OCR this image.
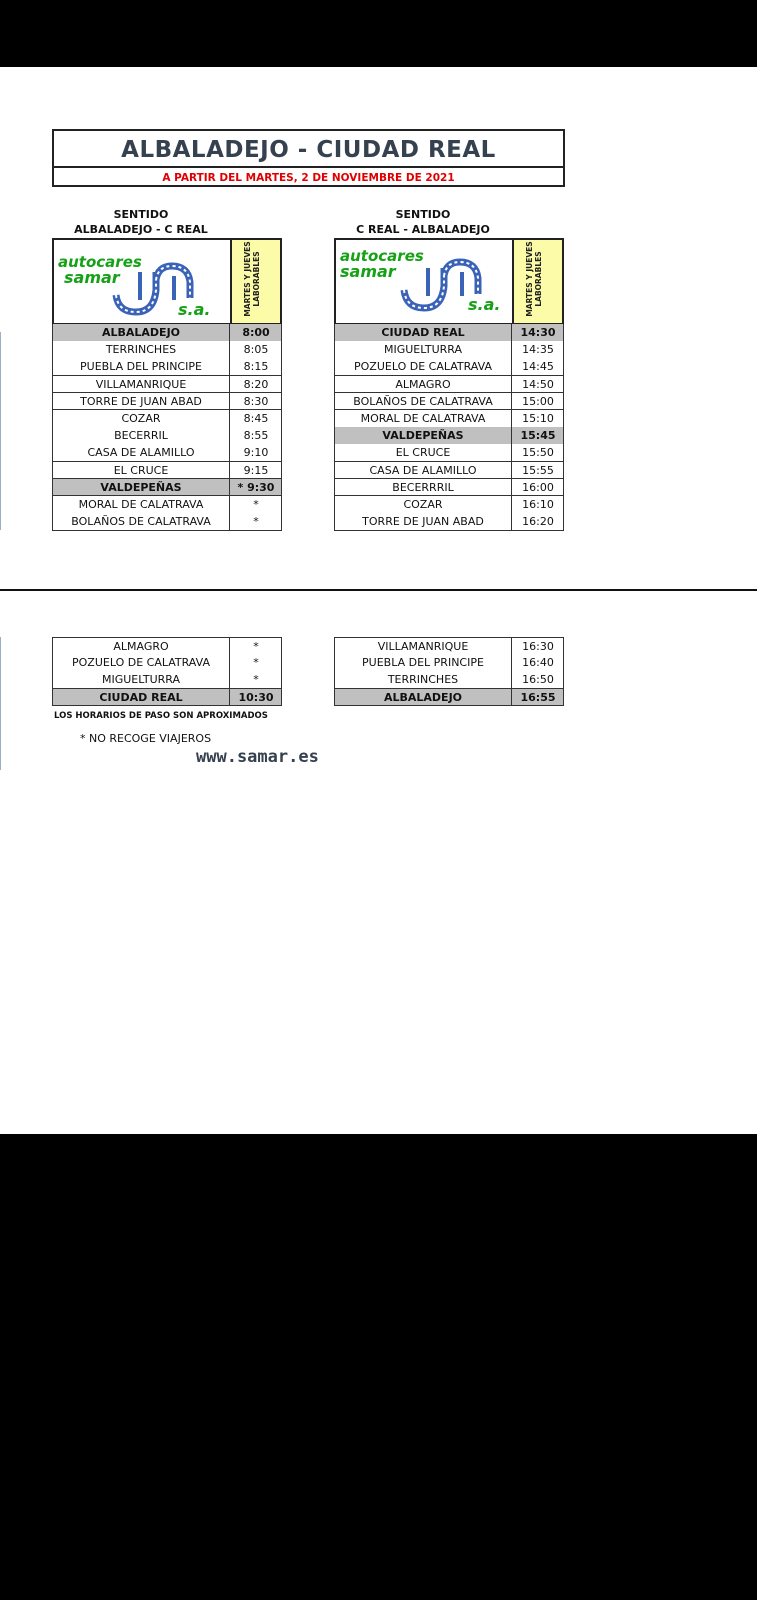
ALBALADEJO - CIUDAD REAL
A PARTIR DEL MARTES, 2 DE NOVIEMBRE DE 2021
SENTIDO
ALBALADEJO - C REAL
SENTIDO
C REAL - ALBALADEJO
autocares
samar
s.a.	MARTES Y JUEVES LABORABLES
ALBALADEJO	8:00
TERRINCHES	8:05
PUEBLA DEL PRINCIPE	8:15
VILLAMANRIQUE	8:20
TORRE DE JUAN ABAD	8:30
COZAR	8:45
BECERRIL	8:55
CASA DE ALAMILLO	9:10
EL CRUCE	9:15
VALDEPEÑAS	* 9:30
MORAL DE CALATRAVA	*
BOLAÑOS DE CALATRAVA	*
autocares
samar
s.a.	MARTES Y JUEVES LABORABLES
CIUDAD REAL	14:30
MIGUELTURRA	14:35
POZUELO DE CALATRAVA	14:45
ALMAGRO	14:50
BOLAÑOS DE CALATRAVA	15:00
MORAL DE CALATRAVA	15:10
VALDEPEÑAS	15:45
EL CRUCE	15:50
CASA DE ALAMILLO	15:55
BECERRRIL	16:00
COZAR	16:10
TORRE DE JUAN ABAD	16:20
ALMAGRO	*
POZUELO DE CALATRAVA	*
MIGUELTURRA	*
CIUDAD REAL	10:30
VILLAMANRIQUE	16:30
PUEBLA DEL PRINCIPE	16:40
TERRINCHES	16:50
ALBALADEJO	16:55
LOS HORARIOS DE PASO SON APROXIMADOS
* NO RECOGE VIAJEROS
www.samar.es
